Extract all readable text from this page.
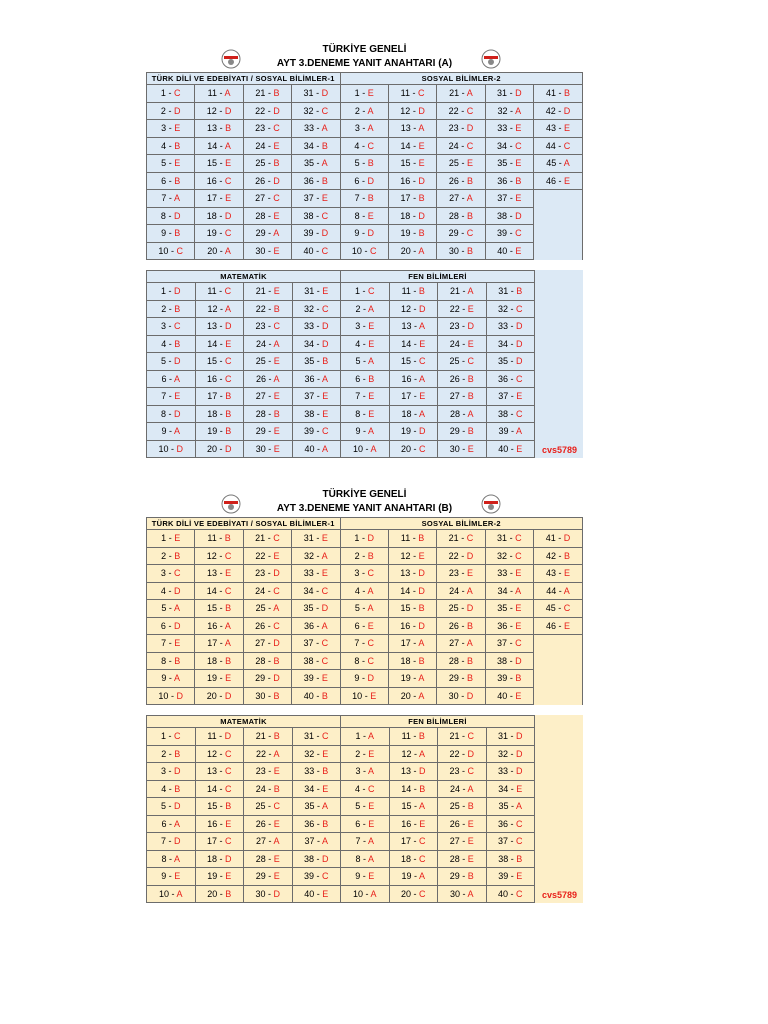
TÜRKİYE GENELİ
AYT 3.DENEME YANIT ANAHTARI (A)
TÜRK DİLİ VE EDEBİYATI / SOSYAL BİLİMLER-1				SOSYAL BİLİMLER-2				
1 - C	11 - A	21 - B	31 - D	1 - E	11 - C	21 - A	31 - D	41 - B
2 - D	12 - D	22 - D	32 - C	2 - A	12 - D	22 - C	32 - A	42 - D
3 - E	13 - B	23 - C	33 - A	3 - A	13 - A	23 - D	33 - E	43 - E
4 - B	14 - A	24 - E	34 - B	4 - C	14 - E	24 - C	34 - C	44 - C
5 - E	15 - E	25 - B	35 - A	5 - B	15 - E	25 - E	35 - E	45 - A
6 - B	16 - C	26 - D	36 - B	6 - D	16 - D	26 - B	36 - B	46 - E
7 - A	17 - E	27 - C	37 - E	7 - B	17 - B	27 - A	37 - E	
8 - D	18 - D	28 - E	38 - C	8 - E	18 - D	28 - B	38 - D	
9 - B	19 - C	29 - A	39 - D	9 - D	19 - B	29 - C	39 - C	
10 - C	20 - A	30 - E	40 - C	10 - C	20 - A	30 - B	40 - E	
MATEMATİK				FEN BİLİMLERİ			
1 - D	11 - C	21 - E	31 - E	1 - C	11 - B	21 - A	31 - B
2 - B	12 - A	22 - B	32 - C	2 - A	12 - D	22 - E	32 - C
3 - C	13 - D	23 - C	33 - D	3 - E	13 - A	23 - D	33 - D
4 - B	14 - E	24 - A	34 - D	4 - E	14 - E	24 - E	34 - D
5 - D	15 - C	25 - E	35 - B	5 - A	15 - C	25 - C	35 - D
6 - A	16 - C	26 - A	36 - A	6 - B	16 - A	26 - B	36 - C
7 - E	17 - B	27 - E	37 - E	7 - E	17 - E	27 - B	37 - E
8 - D	18 - B	28 - B	38 - E	8 - E	18 - A	28 - A	38 - C
9 - A	19 - B	29 - E	39 - C	9 - A	19 - D	29 - B	39 - A
10 - D	20 - D	30 - E	40 - A	10 - A	20 - C	30 - E	40 - E cvs5789
TÜRKİYE GENELİ
AYT 3.DENEME YANIT ANAHTARI (B)
TÜRK DİLİ VE EDEBİYATI / SOSYAL BİLİMLER-1				SOSYAL BİLİMLER-2				
1 - E	11 - B	21 - C	31 - E	1 - D	11 - B	21 - C	31 - C	41 - D
2 - B	12 - C	22 - E	32 - A	2 - B	12 - E	22 - D	32 - C	42 - B
3 - C	13 - E	23 - D	33 - E	3 - C	13 - D	23 - E	33 - E	43 - E
4 - D	14 - C	24 - C	34 - C	4 - A	14 - D	24 - A	34 - A	44 - A
5 - A	15 - B	25 - A	35 - D	5 - A	15 - B	25 - D	35 - E	45 - C
6 - D	16 - A	26 - C	36 - A	6 - E	16 - D	26 - B	36 - E	46 - E
7 - E	17 - A	27 - D	37 - C	7 - C	17 - A	27 - A	37 - C	
8 - B	18 - B	28 - B	38 - C	8 - C	18 - B	28 - B	38 - D	
9 - A	19 - E	29 - D	39 - E	9 - D	19 - A	29 - B	39 - B	
10 - D	20 - D	30 - B	40 - B	10 - E	20 - A	30 - D	40 - E	
MATEMATİK				FEN BİLİMLERİ			
1 - C	11 - D	21 - B	31 - C	1 - A	11 - B	21 - C	31 - D
2 - B	12 - C	22 - A	32 - E	2 - E	12 - A	22 - D	32 - D
3 - D	13 - C	23 - E	33 - B	3 - A	13 - D	23 - C	33 - D
4 - B	14 - C	24 - B	34 - E	4 - C	14 - B	24 - A	34 - E
5 - D	15 - B	25 - C	35 - A	5 - E	15 - A	25 - B	35 - A
6 - A	16 - E	26 - E	36 - B	6 - E	16 - E	26 - E	36 - C
7 - D	17 - C	27 - A	37 - A	7 - A	17 - C	27 - E	37 - C
8 - A	18 - D	28 - E	38 - D	8 - A	18 - C	28 - E	38 - B
9 - E	19 - E	29 - E	39 - C	9 - E	19 - A	29 - B	39 - E
10 - A	20 - B	30 - D	40 - E	10 - A	20 - C	30 - A	40 - C cvs5789
